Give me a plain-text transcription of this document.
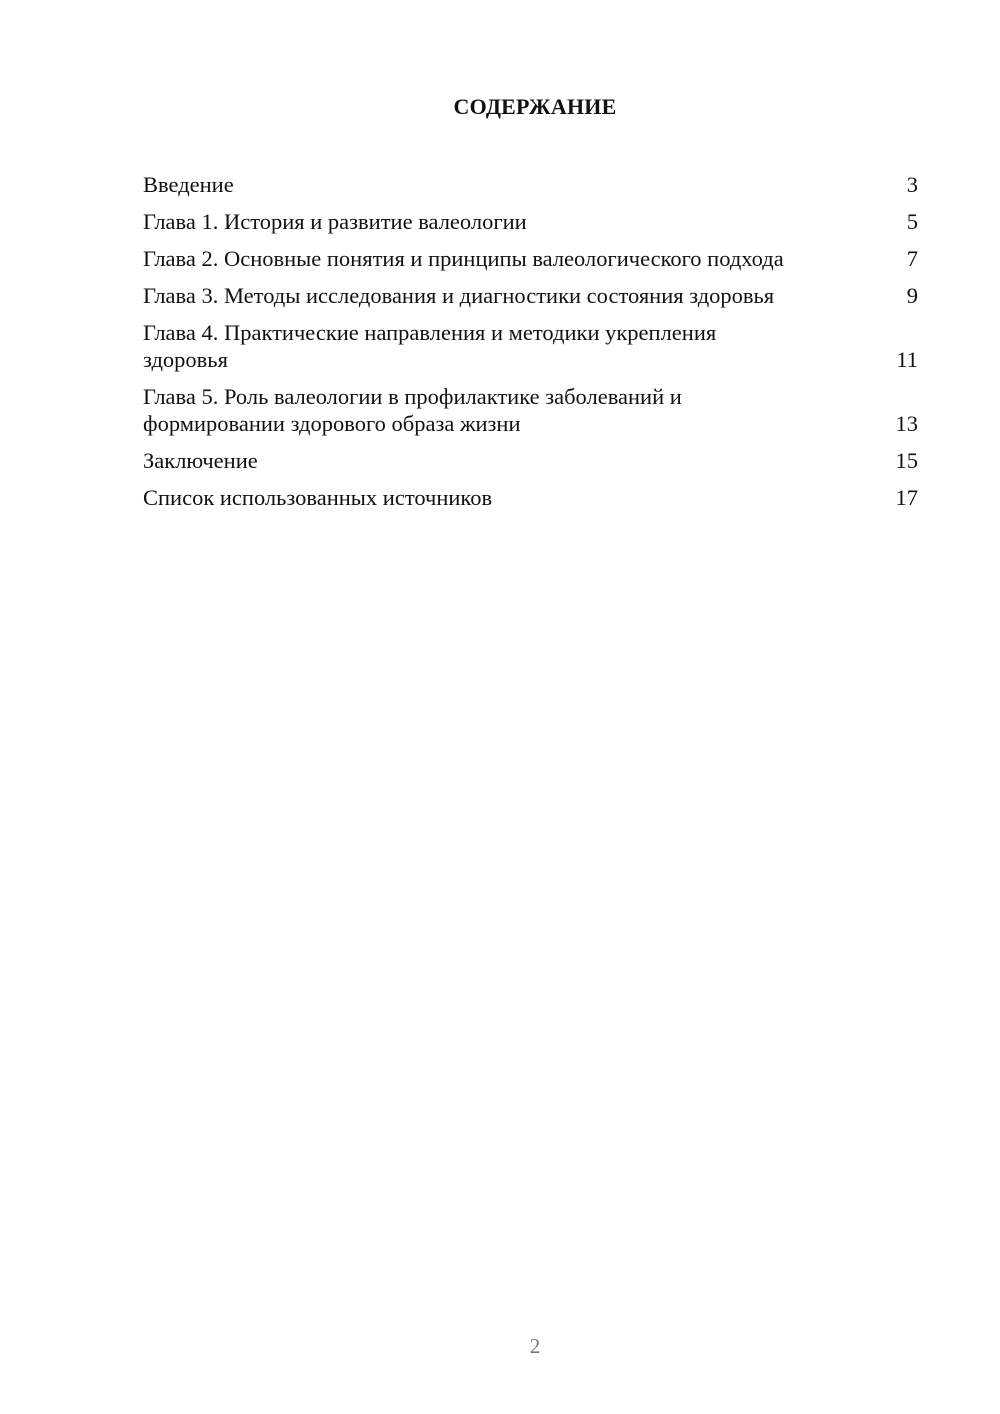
СОДЕРЖАНИЕ
Введение	3
Глава 1. История и развитие валеологии	5
Глава 2. Основные понятия и принципы валеологического подхода	7
Глава 3. Методы исследования и диагностики состояния здоровья	9
Глава 4. Практические направления и методики укрепления здоровья	11
Глава 5. Роль валеологии в профилактике заболеваний и формировании здорового образа жизни	13
Заключение	15
Список использованных источников	17
2
